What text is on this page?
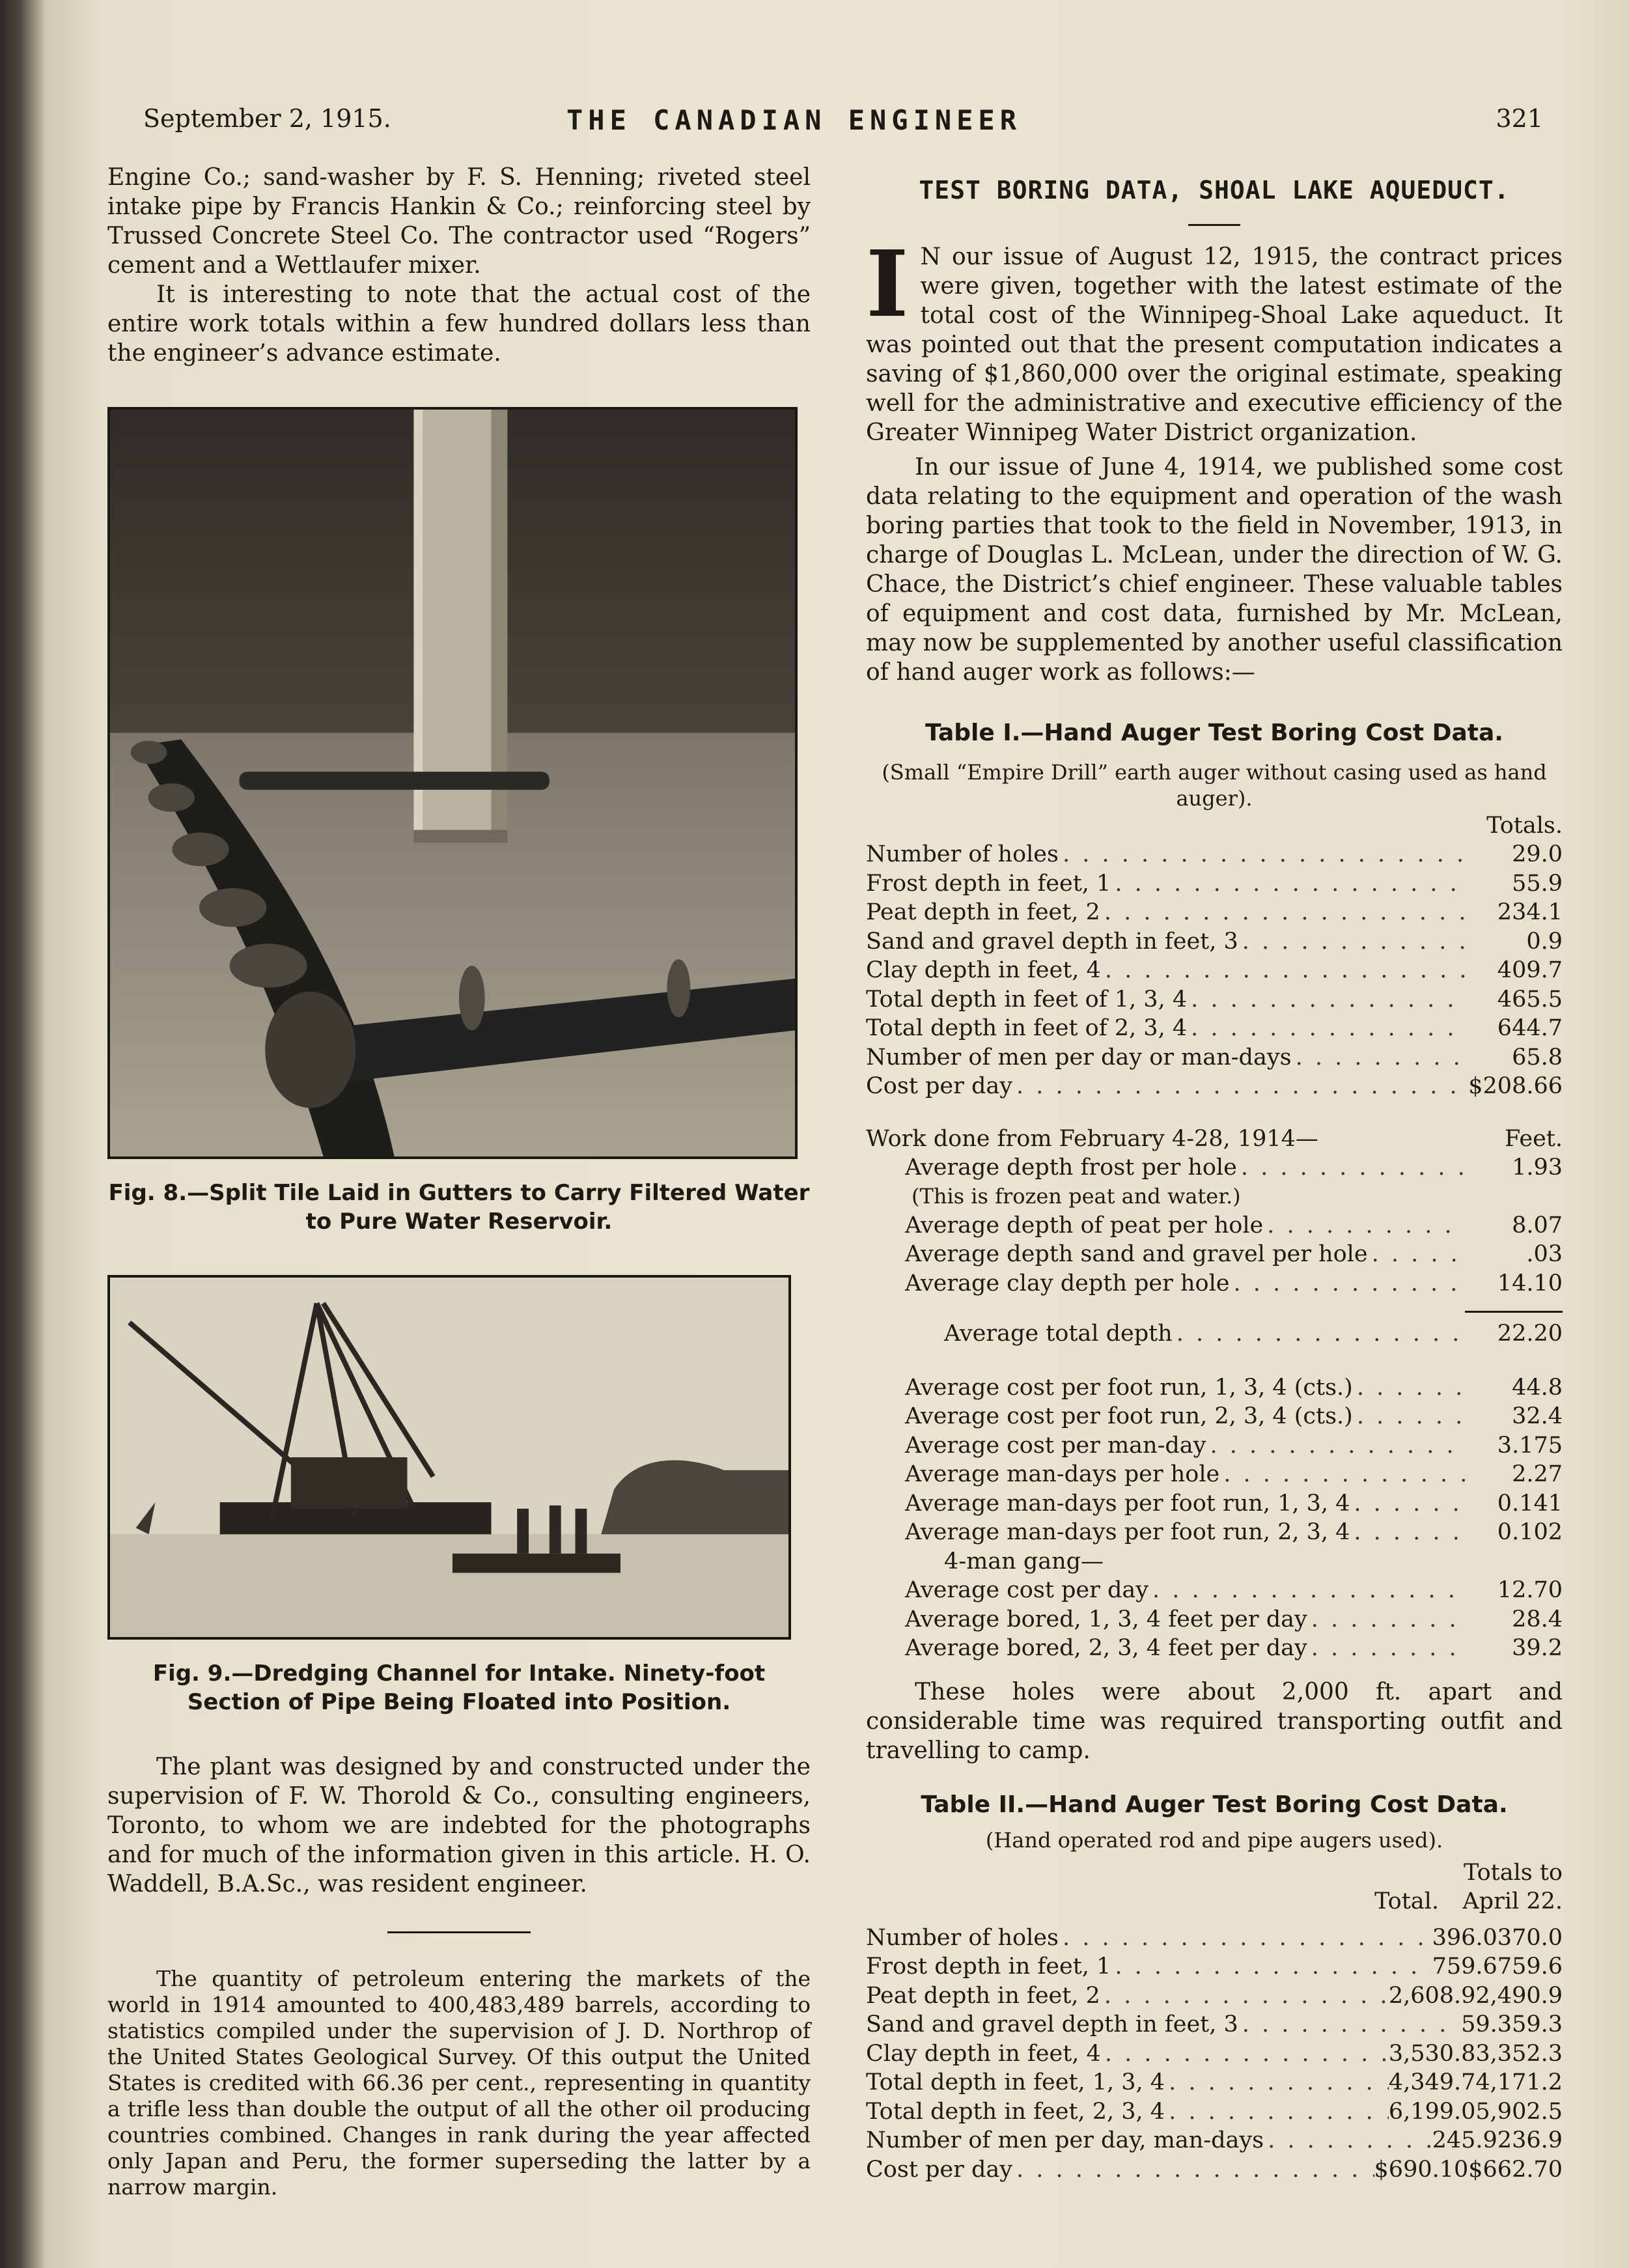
September 2, 1915.	THE CANADIAN ENGINEER	321

Engine Co.; sand-washer by F. S. Henning; riveted steel intake pipe by Francis Hankin & Co.; reinforcing steel by Trussed Concrete Steel Co. The contractor used “Rogers” cement and a Wettlaufer mixer.

It is interesting to note that the actual cost of the entire work totals within a few hundred dollars less than the engineer’s advance estimate.

Fig. 8.—Split Tile Laid in Gutters to Carry Filtered Water to Pure Water Reservoir.

Fig. 9.—Dredging Channel for Intake. Ninety-foot Section of Pipe Being Floated into Position.

The plant was designed by and constructed under the supervision of F. W. Thorold & Co., consulting engineers, Toronto, to whom we are indebted for the photographs and for much of the information given in this article. H. O. Waddell, B.A.Sc., was resident engineer.

The quantity of petroleum entering the markets of the world in 1914 amounted to 400,483,489 barrels, according to statistics compiled under the supervision of J. D. Northrop of the United States Geological Survey. Of this output the United States is credited with 66.36 per cent., representing in quantity a trifle less than double the output of all the other oil producing countries combined. Changes in rank during the year affected only Japan and Peru, the former superseding the latter by a narrow margin.

TEST BORING DATA, SHOAL LAKE AQUEDUCT.

I N our issue of August 12, 1915, the contract prices were given, together with the latest estimate of the total cost of the Winnipeg-Shoal Lake aqueduct. It was pointed out that the present computation indicates a saving of $1,860,000 over the original estimate, speaking well for the administrative and executive efficiency of the Greater Winnipeg Water District organization.

In our issue of June 4, 1914, we published some cost data relating to the equipment and operation of the wash boring parties that took to the field in November, 1913, in charge of Douglas L. McLean, under the direction of W. G. Chace, the District’s chief engineer. These valuable tables of equipment and cost data, furnished by Mr. McLean, may now be supplemented by another useful classification of hand auger work as follows:—

Table I.—Hand Auger Test Boring Cost Data.

(Small “Empire Drill” earth auger without casing used as hand auger).

Totals.
Number of holes . . .	29.0
Frost depth in feet, 1 . . .	55.9
Peat depth in feet, 2 . . .	234.1
Sand and gravel depth in feet, 3 . . .	0.9
Clay depth in feet, 4 . . .	409.7
Total depth in feet of 1, 3, 4 . . .	465.5
Total depth in feet of 2, 3, 4 . . .	644.7
Number of men per day or man-days . . .	65.8
Cost per day . . .	$208.66
Work done from February 4-28, 1914—	Feet.
Average depth frost per hole . . .	1.93
(This is frozen peat and water.)
Average depth of peat per hole . . .	8.07
Average depth sand and gravel per hole . . .	.03
Average clay depth per hole . . .	14.10
Average total depth . . .	22.20
Average cost per foot run, 1, 3, 4 (cts.) . . .	44.8
Average cost per foot run, 2, 3, 4 (cts.) . . .	32.4
Average cost per man-day . . .	3.175
Average man-days per hole . . .	2.27
Average man-days per foot run, 1, 3, 4 . . .	0.141
Average man-days per foot run, 2, 3, 4 . . .	0.102
4-man gang—
Average cost per day . . .	12.70
Average bored, 1, 3, 4 feet per day . . .	28.4
Average bored, 2, 3, 4 feet per day . . .	39.2

These holes were about 2,000 ft. apart and considerable time was required transporting outfit and travelling to camp.

Table II.—Hand Auger Test Boring Cost Data.

(Hand operated rod and pipe augers used).

Totals to
Total.	April 22.
Number of holes . . .	396.0 370.0
Frost depth in feet, 1 . . .	759.6 759.6
Peat depth in feet, 2 . . .	2,608.9 2,490.9
Sand and gravel depth in feet, 3 . . .	59.3 59.3
Clay depth in feet, 4 . . .	3,530.8 3,352.3
Total depth in feet, 1, 3, 4 . . .	4,349.7 4,171.2
Total depth in feet, 2, 3, 4 . . .	6,199.0 5,902.5
Number of men per day, man-days . . .	245.9 236.9
Cost per day . . .	$690.10 $662.70
